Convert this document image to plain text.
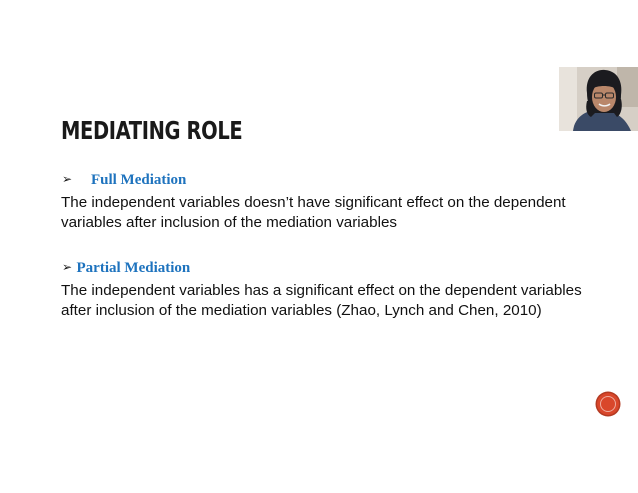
MEDIATING ROLE
➢ Full Mediation
The independent variables doesn’t have significant effect on the dependent variables after inclusion of the mediation variables
➢ Partial Mediation
The independent variables has a significant effect on the dependent variables after inclusion of the mediation variables (Zhao, Lynch and Chen, 2010)
